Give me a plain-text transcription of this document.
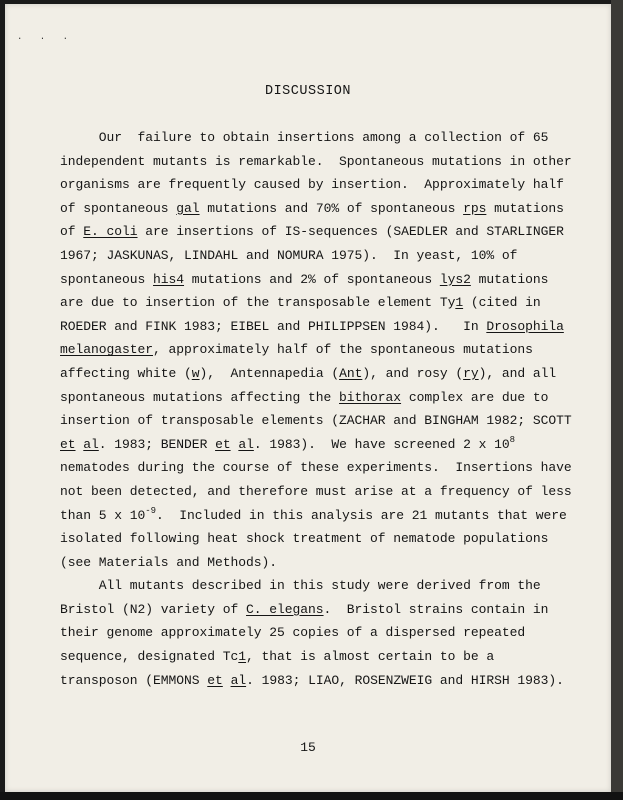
· · ·
DISCUSSION
Our  failure to obtain insertions among a collection of 65
independent mutants is remarkable.  Spontaneous mutations in other
organisms are frequently caused by insertion.  Approximately half
of spontaneous gal mutations and 70% of spontaneous rps mutations
of E. coli are insertions of IS-sequences (SAEDLER and STARLINGER
1967; JASKUNAS, LINDAHL and NOMURA 1975).  In yeast, 10% of
spontaneous his4 mutations and 2% of spontaneous lys2 mutations
are due to insertion of the transposable element Ty1 (cited in
ROEDER and FINK 1983; EIBEL and PHILIPPSEN 1984).   In Drosophila
melanogaster, approximately half of the spontaneous mutations
affecting white (w),  Antennapedia (Ant), and rosy (ry), and all
spontaneous mutations affecting the bithorax complex are due to
insertion of transposable elements (ZACHAR and BINGHAM 1982; SCOTT
et al. 1983; BENDER et al. 1983).  We have screened 2 x $10^8$
nematodes during the course of these experiments.  Insertions have
not been detected, and therefore must arise at a frequency of less
than 5 x $10^{-9}$.  Included in this analysis are 21 mutants that were
isolated following heat shock treatment of nematode populations
(see Materials and Methods).
All mutants described in this study were derived from the
Bristol (N2) variety of C. elegans.  Bristol strains contain in
their genome approximately 25 copies of a dispersed repeated
sequence, designated Tc1, that is almost certain to be a
transposon (EMMONS et al. 1983; LIAO, ROSENZWEIG and HIRSH 1983).
15
